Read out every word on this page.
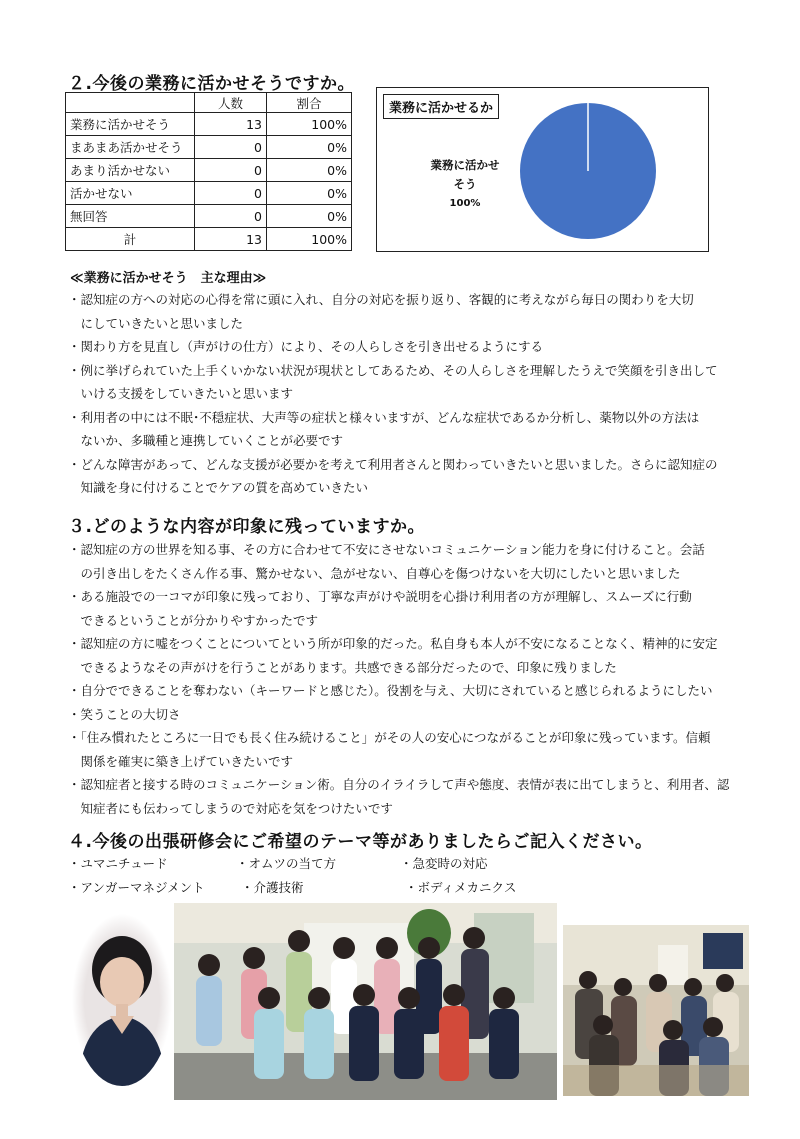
２.今後の業務に活かせそうですか。
	人数	割合
業務に活かせそう	13	100%
まあまあ活かせそう	0	0%
あまり活かせない	0	0%
活かせない	0	0%
無回答	0	0%
計	13	100%
業務に活かせるか
業務に活かせ
そう
100%
≪業務に活かせそう　主な理由≫
・認知症の方への対応の心得を常に頭に入れ、自分の対応を振り返り、客観的に考えながら毎日の関わりを大切
　にしていきたいと思いました
・関わり方を見直し（声がけの仕方）により、その人らしさを引き出せるようにする
・例に挙げられていた上手くいかない状況が現状としてあるため、その人らしさを理解したうえで笑顔を引き出して
　いける支援をしていきたいと思います
・利用者の中には不眠･不穏症状、大声等の症状と様々いますが、どんな症状であるか分析し、薬物以外の方法は
　ないか、多職種と連携していくことが必要です
・どんな障害があって、どんな支援が必要かを考えて利用者さんと関わっていきたいと思いました。さらに認知症の
　知識を身に付けることでケアの質を高めていきたい
３.どのような内容が印象に残っていますか。
・認知症の方の世界を知る事、その方に合わせて不安にさせないコミュニケーション能力を身に付けること。会話
　の引き出しをたくさん作る事、驚かせない、急がせない、自尊心を傷つけないを大切にしたいと思いました
・ある施設での一コマが印象に残っており、丁寧な声がけや説明を心掛け利用者の方が理解し、スムーズに行動
　できるということが分かりやすかったです
・認知症の方に嘘をつくことについてという所が印象的だった。私自身も本人が不安になることなく、精神的に安定
　できるようなその声がけを行うことがあります。共感できる部分だったので、印象に残りました
・自分でできることを奪わない（キーワードと感じた）。役割を与え、大切にされていると感じられるようにしたい
・笑うことの大切さ
・「住み慣れたところに一日でも長く住み続けること」がその人の安心につながることが印象に残っています。信頼
　関係を確実に築き上げていきたいです
・認知症者と接する時のコミュニケーション術。自分のイライラして声や態度、表情が表に出てしまうと、利用者、認
　知症者にも伝わってしまうので対応を気をつけたいです
４.今後の出張研修会にご希望のテーマ等がありましたらご記入ください。
・ユマニチュード	・オムツの当て方	・急変時の対応
・アンガーマネジメント	・介護技術	・ボディメカニクス
